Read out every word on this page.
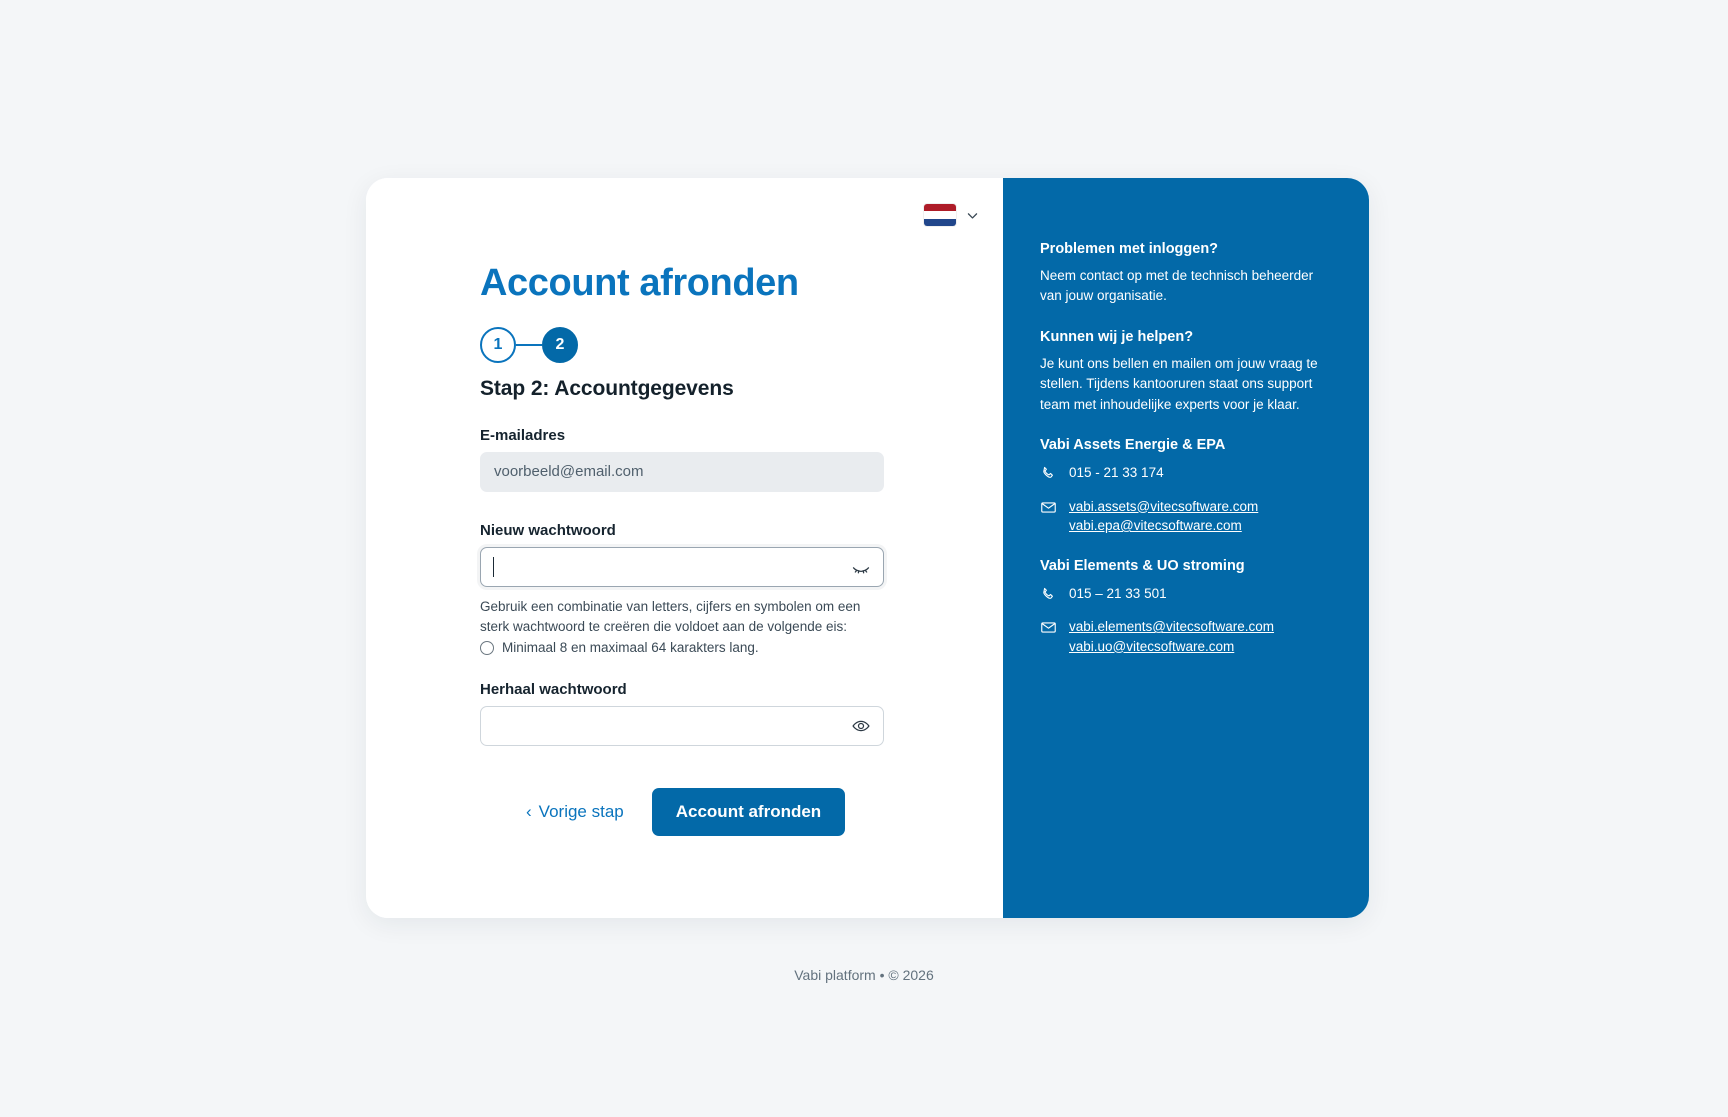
Account afronden
1	2
Stap 2: Accountgegevens
E-mailadres
voorbeeld@email.com
Nieuw wachtwoord

Gebruik een combinatie van letters, cijfers en symbolen om een sterk wachtwoord te creëren die voldoet aan de volgende eis:

Minimaal 8 en maximaal 64 karakters lang.
Herhaal wachtwoord
‹ Vorige stap	Account afronden
Problemen met inloggen?

Neem contact op met de technisch beheerder van jouw organisatie.

Kunnen wij je helpen?

Je kunt ons bellen en mailen om jouw vraag te stellen. Tijdens kantooruren staat ons support team met inhoudelijke experts voor je klaar.

Vabi Assets Energie & EPA
015 - 21 33 174
vabi.assets@vitecsoftware.com
vabi.epa@vitecsoftware.com
Vabi Elements & UO stroming
015 – 21 33 501
vabi.elements@vitecsoftware.com
vabi.uo@vitecsoftware.com
Vabi platform • © 2026
